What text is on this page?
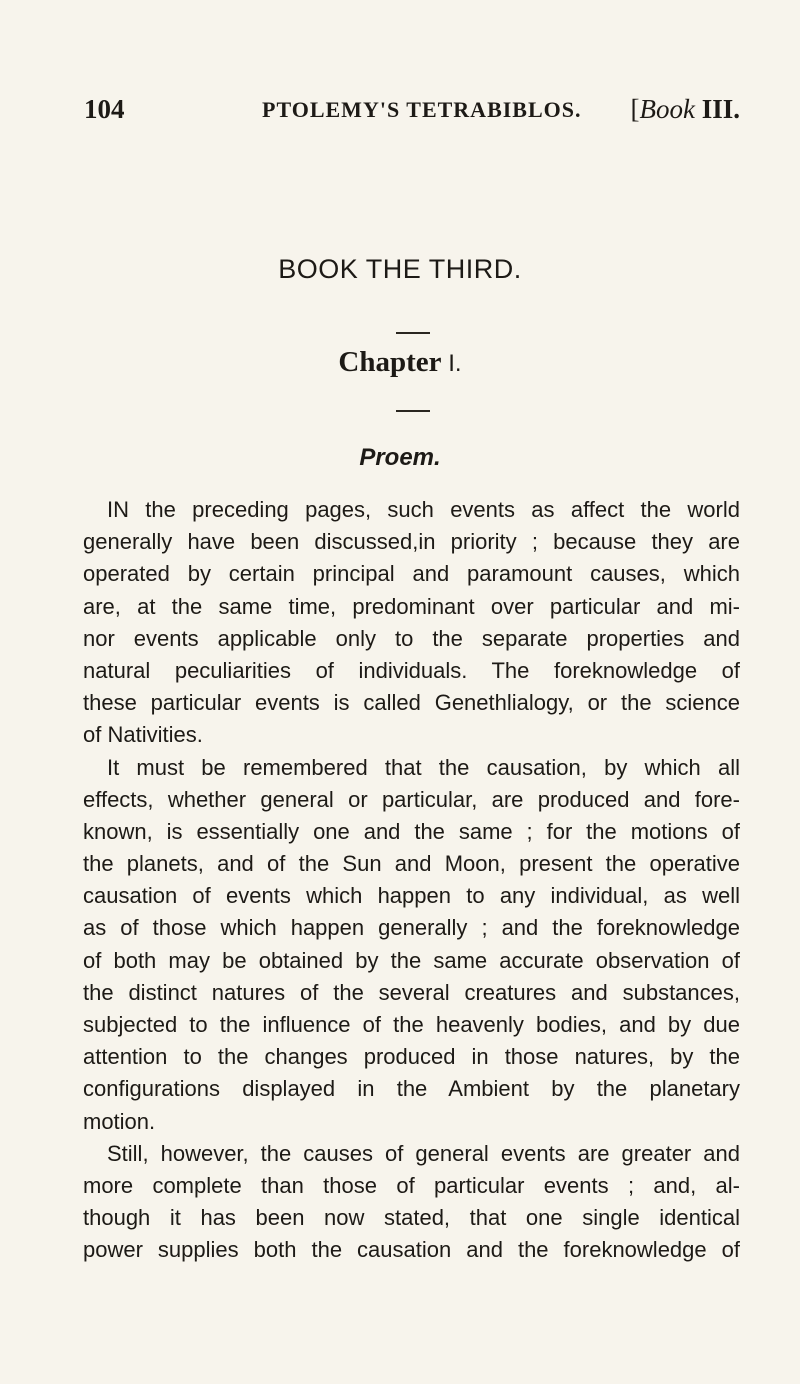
104	PTOLEMY'S TETRABIBLOS. [Book III.
BOOK THE THIRD.
Chapter I.
Proem.
IN the preceding pages, such events as affect the world
generally have been discussed,in priority ; because they are
operated by certain principal and paramount causes, which
are, at the same time, predominant over particular and mi-
nor events applicable only to the separate properties and
natural peculiarities of individuals. The foreknowledge of
these particular events is called Genethlialogy, or the science
of Nativities.
It must be remembered that the causation, by which all
effects, whether general or particular, are produced and fore-
known, is essentially one and the same ; for the motions of
the planets, and of the Sun and Moon, present the operative
causation of events which happen to any individual, as well
as of those which happen generally ; and the foreknowledge
of both may be obtained by the same accurate observation of
the distinct natures of the several creatures and substances,
subjected to the influence of the heavenly bodies, and by due
attention to the changes produced in those natures, by the
configurations displayed in the Ambient by the planetary
motion.
Still, however, the causes of general events are greater and
more complete than those of particular events ; and, al-
though it has been now stated, that one single identical
power supplies both the causation and the foreknowledge of
